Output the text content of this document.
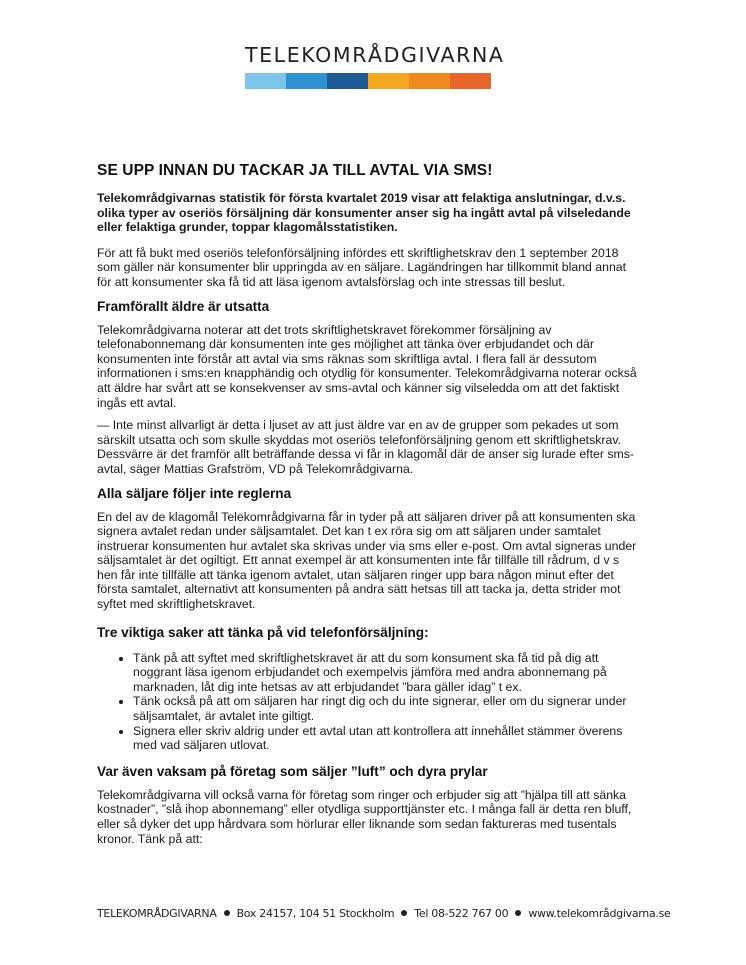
TELEKOMRÅDGIVARNA
SE UPP INNAN DU TACKAR JA TILL AVTAL VIA SMS!

Telekområdgivarnas statistik för första kvartalet 2019 visar att felaktiga anslutningar, d.v.s. olika typer av oseriös försäljning där konsumenter anser sig ha ingått avtal på vilseledande eller felaktiga grunder, toppar klagomålsstatistiken.

För att få bukt med oseriös telefonförsäljning infördes ett skriftlighetskrav den 1 september 2018 som gäller när konsumenter blir uppringda av en säljare. Lagändringen har tillkommit bland annat för att konsumenter ska få tid att läsa igenom avtalsförslag och inte stressas till beslut.

Framförallt äldre är utsatta

Telekområdgivarna noterar att det trots skriftlighetskravet förekommer försäljning av telefonabonnemang där konsumenten inte ges möjlighet att tänka över erbjudandet och där konsumenten inte förstår att avtal via sms räknas som skriftliga avtal. I flera fall är dessutom informationen i sms:en knapphändig och otydlig för konsumenter. Telekområdgivarna noterar också att äldre har svårt att se konsekvenser av sms-avtal och känner sig vilseledda om att det faktiskt ingås ett avtal.

— Inte minst allvarligt är detta i ljuset av att just äldre var en av de grupper som pekades ut som särskilt utsatta och som skulle skyddas mot oseriös telefonförsäljning genom ett skriftlighetskrav. Dessvärre är det framför allt beträffande dessa vi får in klagomål där de anser sig lurade efter sms-avtal, säger Mattias Grafström, VD på Telekområdgivarna.

Alla säljare följer inte reglerna

En del av de klagomål Telekområdgivarna får in tyder på att säljaren driver på att konsumenten ska signera avtalet redan under säljsamtalet. Det kan t ex röra sig om att säljaren under samtalet instruerar konsumenten hur avtalet ska skrivas under via sms eller e-post. Om avtal signeras under säljsamtalet är det ogiltigt. Ett annat exempel är att konsumenten inte får tillfälle till rådrum, d v s hen får inte tillfälle att tänka igenom avtalet, utan säljaren ringer upp bara någon minut efter det första samtalet, alternativt att konsumenten på andra sätt hetsas till att tacka ja, detta strider mot syftet med skriftlighetskravet.

Tre viktiga saker att tänka på vid telefonförsäljning:
• Tänk på att syftet med skriftlighetskravet är att du som konsument ska få tid på dig att noggrant läsa igenom erbjudandet och exempelvis jämföra med andra abonnemang på marknaden, låt dig inte hetsas av att erbjudandet ”bara gäller idag” t ex.
• Tänk också på att om säljaren har ringt dig och du inte signerar, eller om du signerar under säljsamtalet, är avtalet inte giltigt.
• Signera eller skriv aldrig under ett avtal utan att kontrollera att innehållet stämmer överens med vad säljaren utlovat.
Var även vaksam på företag som säljer ”luft” och dyra prylar

Telekområdgivarna vill också varna för företag som ringer och erbjuder sig att ”hjälpa till att sänka kostnader”, ”slå ihop abonnemang” eller otydliga supporttjänster etc. I många fall är detta ren bluff, eller så dyker det upp hårdvara som hörlurar eller liknande som sedan faktureras med tusentals kronor. Tänk på att:

TELEKOMRÅDGIVARNA Box 24157, 104 51 Stockholm Tel 08-522 767 00 www.telekområdgivarna.se
